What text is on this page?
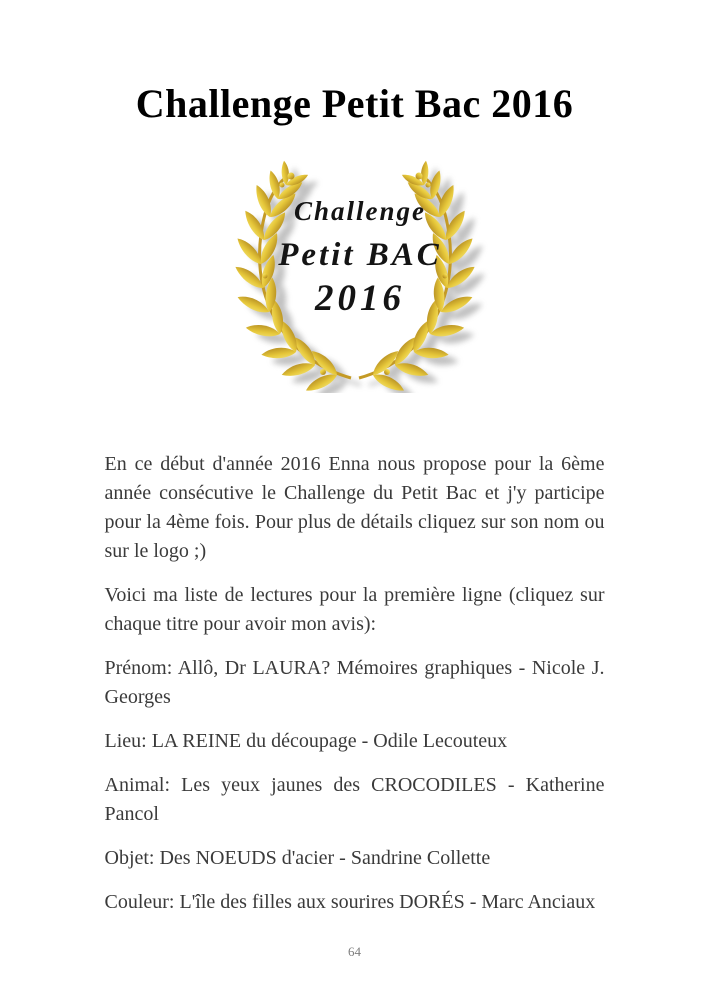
Challenge Petit Bac 2016
Challenge
Petit BAC
2016

En ce début d'année 2016 Enna nous propose pour la 6ème année consécutive le Challenge du Petit Bac et j'y participe pour la 4ème fois. Pour plus de détails cliquez sur son nom ou sur le logo ;)

Voici ma liste de lectures pour la première ligne (cliquez sur chaque titre pour avoir mon avis):

Prénom: Allô, Dr LAURA? Mémoires graphiques - Nicole J. Georges

Lieu: LA REINE du découpage - Odile Lecouteux

Animal: Les yeux jaunes des CROCODILES - Katherine Pancol

Objet: Des NOEUDS d'acier - Sandrine Collette

Couleur: L'île des filles aux sourires DORÉS - Marc Anciaux

64
